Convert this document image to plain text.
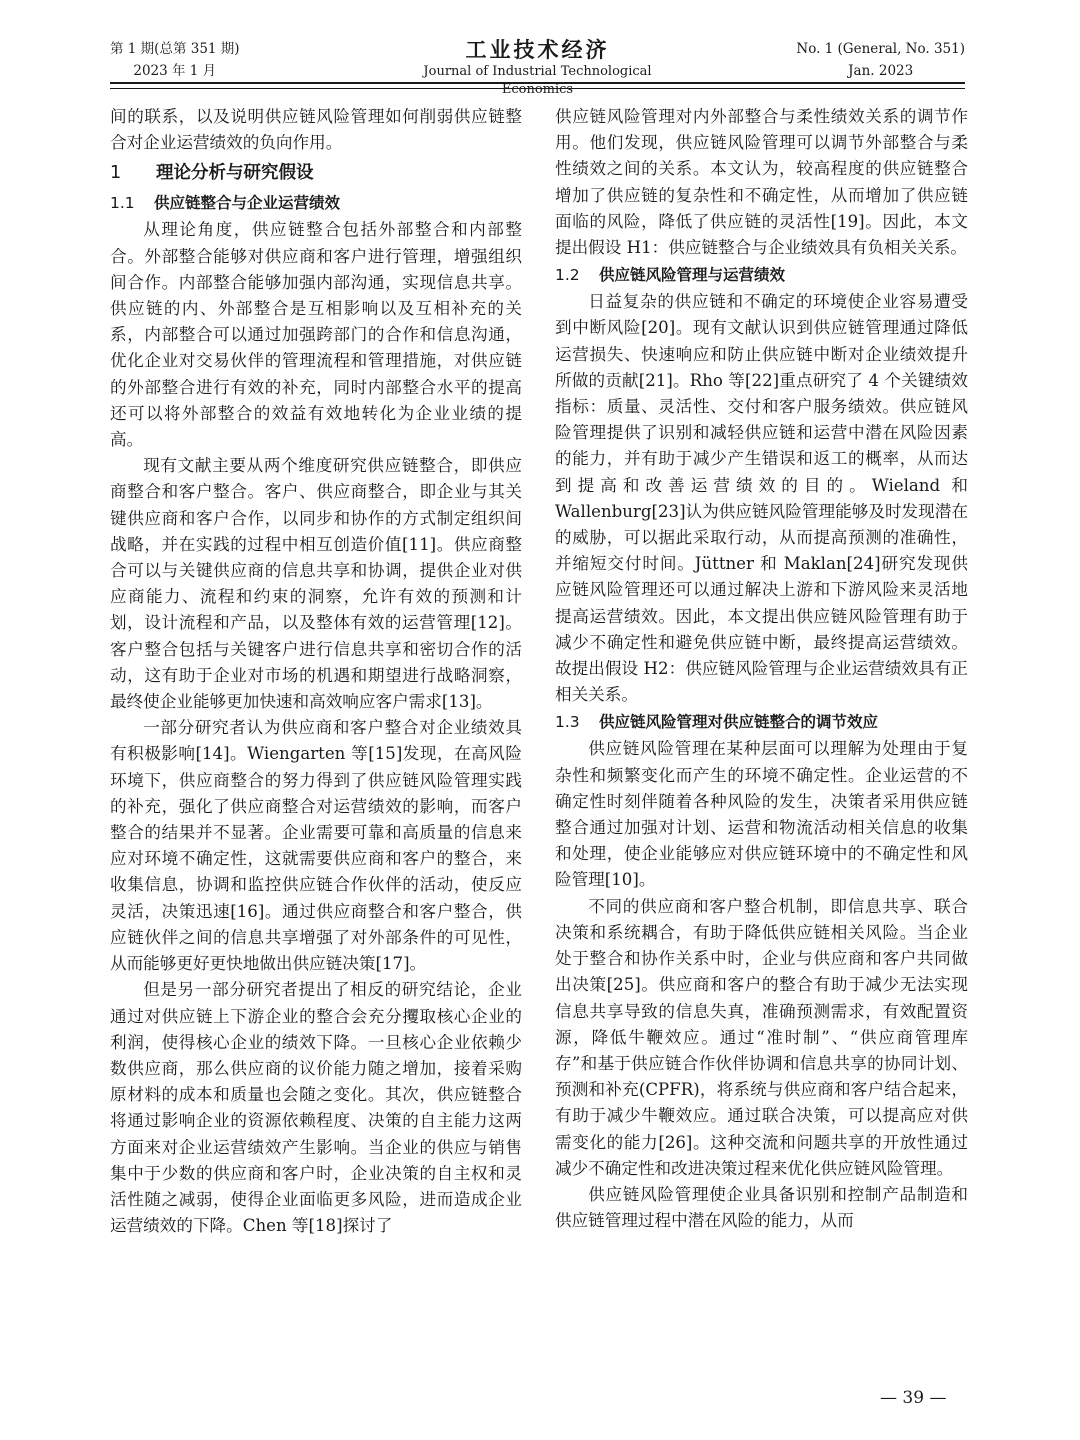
第 1 期(总第 351 期)
2023 年 1 月
工业技术经济
Journal of Industrial Technological Economics
No. 1 (General, No. 351)
Jan. 2023

间的联系，以及说明供应链风险管理如何削弱供应链整合对企业运营绩效的负向作用。

1 理论分析与研究假设
1.1 供应链整合与企业运营绩效

从理论角度，供应链整合包括外部整合和内部整合。外部整合能够对供应商和客户进行管理，增强组织间合作。内部整合能够加强内部沟通，实现信息共享。供应链的内、外部整合是互相影响以及互相补充的关系，内部整合可以通过加强跨部门的合作和信息沟通，优化企业对交易伙伴的管理流程和管理措施，对供应链的外部整合进行有效的补充，同时内部整合水平的提高还可以将外部整合的效益有效地转化为企业业绩的提高。

现有文献主要从两个维度研究供应链整合，即供应商整合和客户整合。客户、供应商整合，即企业与其关键供应商和客户合作，以同步和协作的方式制定组织间战略，并在实践的过程中相互创造价值[11]。供应商整合可以与关键供应商的信息共享和协调，提供企业对供应商能力、流程和约束的洞察，允许有效的预测和计划，设计流程和产品，以及整体有效的运营管理[12]。客户整合包括与关键客户进行信息共享和密切合作的活动，这有助于企业对市场的机遇和期望进行战略洞察，最终使企业能够更加快速和高效响应客户需求[13]。

一部分研究者认为供应商和客户整合对企业绩效具有积极影响[14]。Wiengarten 等[15]发现，在高风险环境下，供应商整合的努力得到了供应链风险管理实践的补充，强化了供应商整合对运营绩效的影响，而客户整合的结果并不显著。企业需要可靠和高质量的信息来应对环境不确定性，这就需要供应商和客户的整合，来收集信息，协调和监控供应链合作伙伴的活动，使反应灵活，决策迅速[16]。通过供应商整合和客户整合，供应链伙伴之间的信息共享增强了对外部条件的可见性，从而能够更好更快地做出供应链决策[17]。

但是另一部分研究者提出了相反的研究结论，企业通过对供应链上下游企业的整合会充分攫取核心企业的利润，使得核心企业的绩效下降。一旦核心企业依赖少数供应商，那么供应商的议价能力随之增加，接着采购原材料的成本和质量也会随之变化。其次，供应链整合将通过影响企业的资源依赖程度、决策的自主能力这两方面来对企业运营绩效产生影响。当企业的供应与销售集中于少数的供应商和客户时，企业决策的自主权和灵活性随之减弱，使得企业面临更多风险，进而造成企业运营绩效的下降。Chen 等[18]探讨了

供应链风险管理对内外部整合与柔性绩效关系的调节作用。他们发现，供应链风险管理可以调节外部整合与柔性绩效之间的关系。本文认为，较高程度的供应链整合增加了供应链的复杂性和不确定性，从而增加了供应链面临的风险，降低了供应链的灵活性[19]。因此，本文提出假设 H1：供应链整合与企业绩效具有负相关关系。

1.2 供应链风险管理与运营绩效

日益复杂的供应链和不确定的环境使企业容易遭受到中断风险[20]。现有文献认识到供应链管理通过降低运营损失、快速响应和防止供应链中断对企业绩效提升所做的贡献[21]。Rho 等[22]重点研究了 4 个关键绩效指标：质量、灵活性、交付和客户服务绩效。供应链风险管理提供了识别和减轻供应链和运营中潜在风险因素的能力，并有助于减少产生错误和返工的概率，从而达到提高和改善运营绩效的目的。Wieland 和 Wallenburg[23]认为供应链风险管理能够及时发现潜在的威胁，可以据此采取行动，从而提高预测的准确性，并缩短交付时间。Jüttner 和 Maklan[24]研究发现供应链风险管理还可以通过解决上游和下游风险来灵活地提高运营绩效。因此，本文提出供应链风险管理有助于减少不确定性和避免供应链中断，最终提高运营绩效。故提出假设 H2：供应链风险管理与企业运营绩效具有正相关关系。

1.3 供应链风险管理对供应链整合的调节效应

供应链风险管理在某种层面可以理解为处理由于复杂性和频繁变化而产生的环境不确定性。企业运营的不确定性时刻伴随着各种风险的发生，决策者采用供应链整合通过加强对计划、运营和物流活动相关信息的收集和处理，使企业能够应对供应链环境中的不确定性和风险管理[10]。

不同的供应商和客户整合机制，即信息共享、联合决策和系统耦合，有助于降低供应链相关风险。当企业处于整合和协作关系中时，企业与供应商和客户共同做出决策[25]。供应商和客户的整合有助于减少无法实现信息共享导致的信息失真，准确预测需求，有效配置资源，降低牛鞭效应。通过“准时制”、“供应商管理库存”和基于供应链合作伙伴协调和信息共享的协同计划、预测和补充(CPFR)，将系统与供应商和客户结合起来，有助于减少牛鞭效应。通过联合决策，可以提高应对供需变化的能力[26]。这种交流和问题共享的开放性通过减少不确定性和改进决策过程来优化供应链风险管理。

供应链风险管理使企业具备识别和控制产品制造和供应链管理过程中潜在风险的能力，从而

— 39 —
